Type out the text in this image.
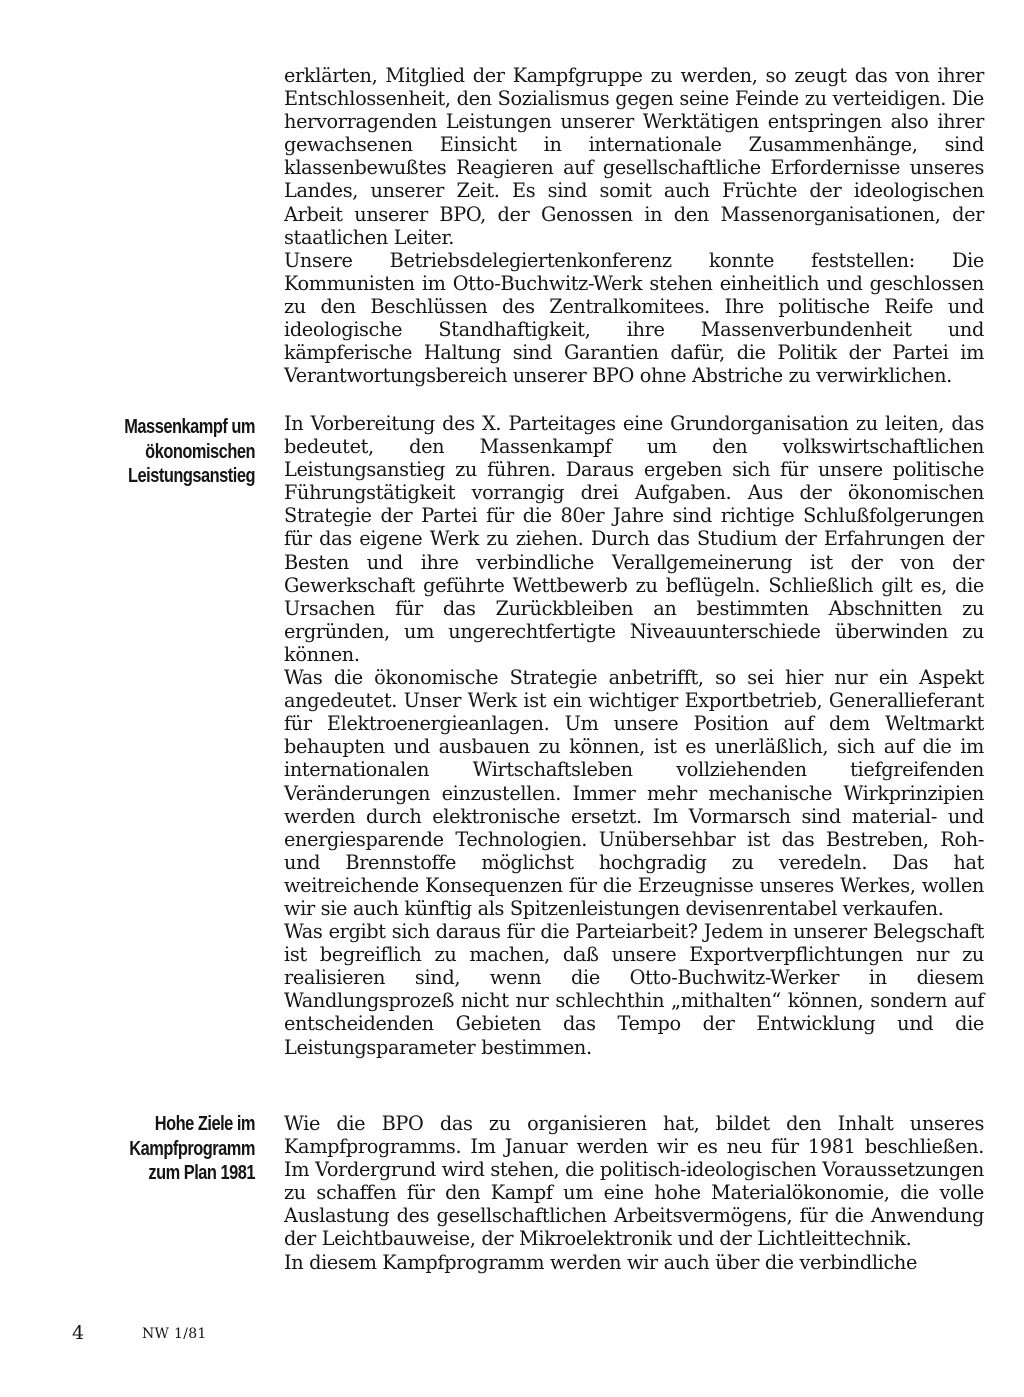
erklärten, Mitglied der Kampfgruppe zu werden, so zeugt das von ihrer Entschlossenheit, den Sozialismus gegen seine Feinde zu verteidigen. Die hervorragenden Leistungen unserer Werktätigen entspringen also ihrer gewachsenen Einsicht in internationale Zusammenhänge, sind klassenbewußtes Reagieren auf gesellschaftliche Erfordernisse unseres Landes, unserer Zeit. Es sind somit auch Früchte der ideologischen Arbeit unserer BPO, der Genossen in den Massenorganisationen, der staatlichen Leiter.

Unsere Betriebsdelegiertenkonferenz konnte feststellen: Die Kommunisten im Otto-Buchwitz-Werk stehen einheitlich und geschlossen zu den Beschlüssen des Zentralkomitees. Ihre politische Reife und ideologische Standhaftigkeit, ihre Massenverbundenheit und kämpferische Haltung sind Garantien dafür, die Politik der Partei im Verantwortungsbereich unserer BPO ohne Abstriche zu verwirklichen.

Massenkampf um
ökonomischen
Leistungsanstieg

In Vorbereitung des X. Parteitages eine Grundorganisation zu leiten, das bedeutet, den Massenkampf um den volkswirtschaftlichen Leistungsanstieg zu führen. Daraus ergeben sich für unsere politische Führungstätigkeit vorrangig drei Aufgaben. Aus der ökonomischen Strategie der Partei für die 80er Jahre sind richtige Schlußfolgerungen für das eigene Werk zu ziehen. Durch das Studium der Erfahrungen der Besten und ihre verbindliche Verallgemeinerung ist der von der Gewerkschaft geführte Wettbewerb zu beflügeln. Schließlich gilt es, die Ursachen für das Zurückbleiben an bestimmten Abschnitten zu ergründen, um ungerechtfertigte Niveauunterschiede überwinden zu können.

Was die ökonomische Strategie anbetrifft, so sei hier nur ein Aspekt angedeutet. Unser Werk ist ein wichtiger Exportbetrieb, Generallieferant für Elektroenergieanlagen. Um unsere Position auf dem Weltmarkt behaupten und ausbauen zu können, ist es unerläßlich, sich auf die im internationalen Wirtschaftsleben vollziehenden tiefgreifenden Veränderungen einzustellen. Immer mehr mechanische Wirkprinzipien werden durch elektronische ersetzt. Im Vormarsch sind material- und energiesparende Technologien. Unübersehbar ist das Bestreben, Roh- und Brennstoffe möglichst hochgradig zu veredeln. Das hat weitreichende Konsequenzen für die Erzeugnisse unseres Werkes, wollen wir sie auch künftig als Spitzenleistungen devisenrentabel verkaufen.

Was ergibt sich daraus für die Parteiarbeit? Jedem in unserer Belegschaft ist begreiflich zu machen, daß unsere Exportverpflichtungen nur zu realisieren sind, wenn die Otto-Buchwitz-Werker in diesem Wandlungsprozeß nicht nur schlechthin „mithalten“ können, sondern auf entscheidenden Gebieten das Tempo der Entwicklung und die Leistungsparameter bestimmen.

Hohe Ziele im
Kampfprogramm
zum Plan 1981

Wie die BPO das zu organisieren hat, bildet den Inhalt unseres Kampfprogramms. Im Januar werden wir es neu für 1981 beschließen. Im Vordergrund wird stehen, die politisch-ideologischen Voraussetzungen zu schaffen für den Kampf um eine hohe Materialökonomie, die volle Auslastung des gesellschaftlichen Arbeitsvermögens, für die Anwendung der Leichtbauweise, der Mikroelektronik und der Lichtleittechnik.

In diesem Kampfprogramm werden wir auch über die verbindliche

4	NW 1/81
